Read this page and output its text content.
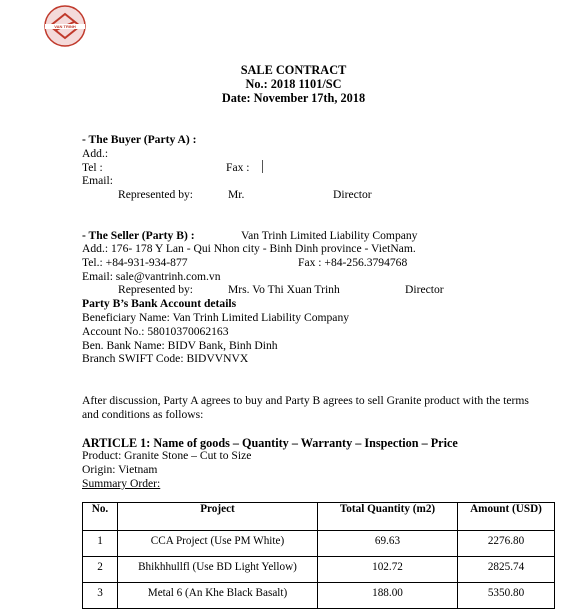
VAN TRINH
SALE CONTRACT
No.: 2018 1101/SC
Date: November 17th, 2018
- The Buyer (Party A) :
Add.:
Tel :	Fax :
Email:
Represented by:	Mr.	Director
- The Seller (Party B) :	Van Trinh Limited Liability Company
Add.: 176- 178 Y Lan - Qui Nhon city - Binh Dinh province - VietNam.
Tel.: +84-931-934-877	Fax : +84-256.3794768
Email: sale@vantrinh.com.vn
Represented by:	Mrs. Vo Thi Xuan Trinh	Director
Party B’s Bank Account details
Beneficiary Name: Van Trinh Limited Liability Company
Account No.: 58010370062163
Ben. Bank Name: BIDV Bank, Binh Dinh
Branch SWIFT Code: BIDVVNVX
After discussion, Party A agrees to buy and Party B agrees to sell Granite product with the terms
and conditions as follows:
ARTICLE 1: Name of goods – Quantity – Warranty – Inspection – Price
Product: Granite Stone – Cut to Size
Origin: Vietnam
Summary Order:
No.	Project	Total Quantity (m2)	Amount (USD)
1	CCA Project (Use PM White)	69.63	2276.80
2	Bhikhhullfl (Use BD Light Yellow)	102.72	2825.74
3	Metal 6 (An Khe Black Basalt)	188.00	5350.80
